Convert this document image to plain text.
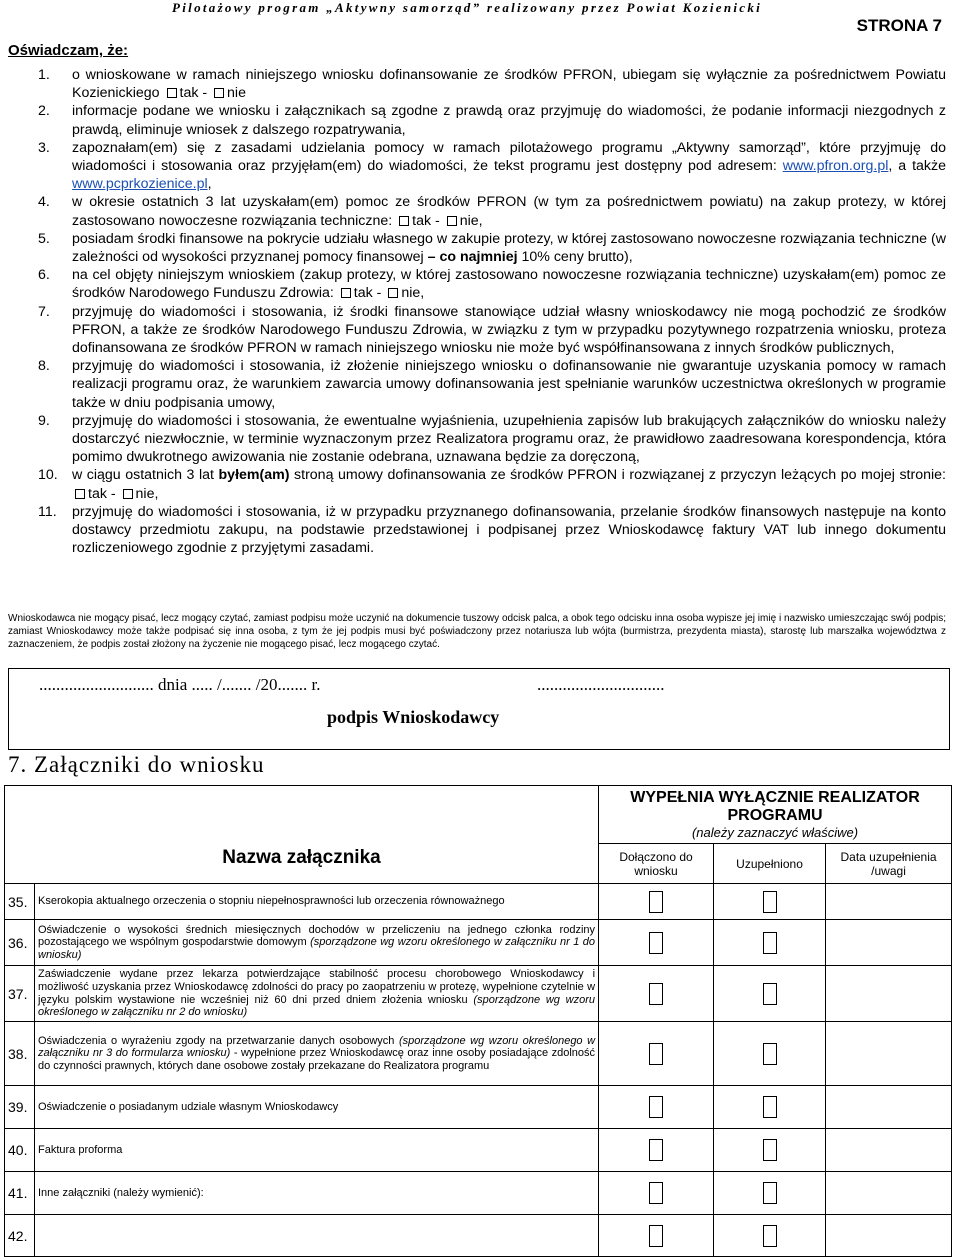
Pilotażowy program „Aktywny samorząd” realizowany przez Powiat Kozienicki
STRONA 7
Oświadczam, że:
1. o wnioskowane w ramach niniejszego wniosku dofinansowanie ze środków PFRON, ubiegam się wyłącznie za pośrednictwem Powiatu Kozienickiego tak - nie
2. informacje podane we wniosku i załącznikach są zgodne z prawdą oraz przyjmuję do wiadomości, że podanie informacji niezgodnych z prawdą, eliminuje wniosek z dalszego rozpatrywania,
3. zapoznałam(em) się z zasadami udzielania pomocy w ramach pilotażowego programu „Aktywny samorząd”, które przyjmuję do wiadomości i stosowania oraz przyjęłam(em) do wiadomości, że tekst programu jest dostępny pod adresem: www.pfron.org.pl, a także www.pcprkozienice.pl,
4. w okresie ostatnich 3 lat uzyskałam(em) pomoc ze środków PFRON (w tym za pośrednictwem powiatu) na zakup protezy, w której zastosowano nowoczesne rozwiązania techniczne: tak - nie,
5. posiadam środki finansowe na pokrycie udziału własnego w zakupie protezy, w której zastosowano nowoczesne rozwiązania techniczne (w zależności od wysokości przyznanej pomocy finansowej – co najmniej 10% ceny brutto),
6. na cel objęty niniejszym wnioskiem (zakup protezy, w której zastosowano nowoczesne rozwiązania techniczne) uzyskałam(em) pomoc ze środków Narodowego Funduszu Zdrowia: tak - nie,
7. przyjmuję do wiadomości i stosowania, iż środki finansowe stanowiące udział własny wnioskodawcy nie mogą pochodzić ze środków PFRON, a także ze środków Narodowego Funduszu Zdrowia, w związku z tym w przypadku pozytywnego rozpatrzenia wniosku, proteza dofinansowana ze środków PFRON w ramach niniejszego wniosku nie może być współfinansowana z innych środków publicznych,
8. przyjmuję do wiadomości i stosowania, iż złożenie niniejszego wniosku o dofinansowanie nie gwarantuje uzyskania pomocy w ramach realizacji programu oraz, że warunkiem zawarcia umowy dofinansowania jest spełnianie warunków uczestnictwa określonych w programie także w dniu podpisania umowy,
9. przyjmuję do wiadomości i stosowania, że ewentualne wyjaśnienia, uzupełnienia zapisów lub brakujących załączników do wniosku należy dostarczyć niezwłocznie, w terminie wyznaczonym przez Realizatora programu oraz, że prawidłowo zaadresowana korespondencja, która pomimo dwukrotnego awizowania nie zostanie odebrana, uznawana będzie za doręczoną,
10. w ciągu ostatnich 3 lat byłem(am) stroną umowy dofinansowania ze środków PFRON i rozwiązanej z przyczyn leżących po mojej stronie: tak - nie,
11. przyjmuję do wiadomości i stosowania, iż w przypadku przyznanego dofinansowania, przelanie środków finansowych następuje na konto dostawcy przedmiotu zakupu, na podstawie przedstawionej i podpisanej przez Wnioskodawcę faktury VAT lub innego dokumentu rozliczeniowego zgodnie z przyjętymi zasadami.
Wnioskodawca nie mogący pisać, lecz mogący czytać, zamiast podpisu może uczynić na dokumencie tuszowy odcisk palca, a obok tego odcisku inna osoba wypisze jej imię i nazwisko umieszczając swój podpis; zamiast Wnioskodawcy może także podpisać się inna osoba, z tym że jej podpis musi być poświadczony przez notariusza lub wójta (burmistrza, prezydenta miasta), starostę lub marszałka województwa z zaznaczeniem, że podpis został złożony na życzenie nie mogącego pisać, lecz mogącego czytać.
........................... dnia ..... /....... /20....... r.	..............................
podpis Wnioskodawcy
7. Załączniki do wniosku
Nazwa załącznika		WYPEŁNIA WYŁĄCZNIE REALIZATOR PROGRAMU
(należy zaznaczyć właściwe)		

		Dołączono do wniosku	Uzupełniono	Data uzupełnienia /uwagi
35.	Kserokopia aktualnego orzeczenia o stopniu niepełnosprawności lub orzeczenia równoważnego			
36.	Oświadczenie o wysokości średnich miesięcznych dochodów w przeliczeniu na jednego członka rodziny pozostającego we wspólnym gospodarstwie domowym (sporządzone wg wzoru określonego w załączniku nr 1 do wniosku)			
37.	Zaświadczenie wydane przez lekarza potwierdzające stabilność procesu chorobowego Wnioskodawcy i możliwość uzyskania przez Wnioskodawcę zdolności do pracy po zaopatrzeniu w protezę, wypełnione czytelnie w języku polskim wystawione nie wcześniej niż 60 dni przed dniem złożenia wniosku (sporządzone wg wzoru określonego w załączniku nr 2 do wniosku)			
38.	Oświadczenia o wyrażeniu zgody na przetwarzanie danych osobowych (sporządzone wg wzoru określonego w załączniku nr 3 do formularza wniosku) - wypełnione przez Wnioskodawcę oraz inne osoby posiadające zdolność do czynności prawnych, których dane osobowe zostały przekazane do Realizatora programu			
39.	Oświadczenie o posiadanym udziale własnym Wnioskodawcy			
40.	Faktura proforma			
41.	Inne załączniki (należy wymienić):			
42.				
